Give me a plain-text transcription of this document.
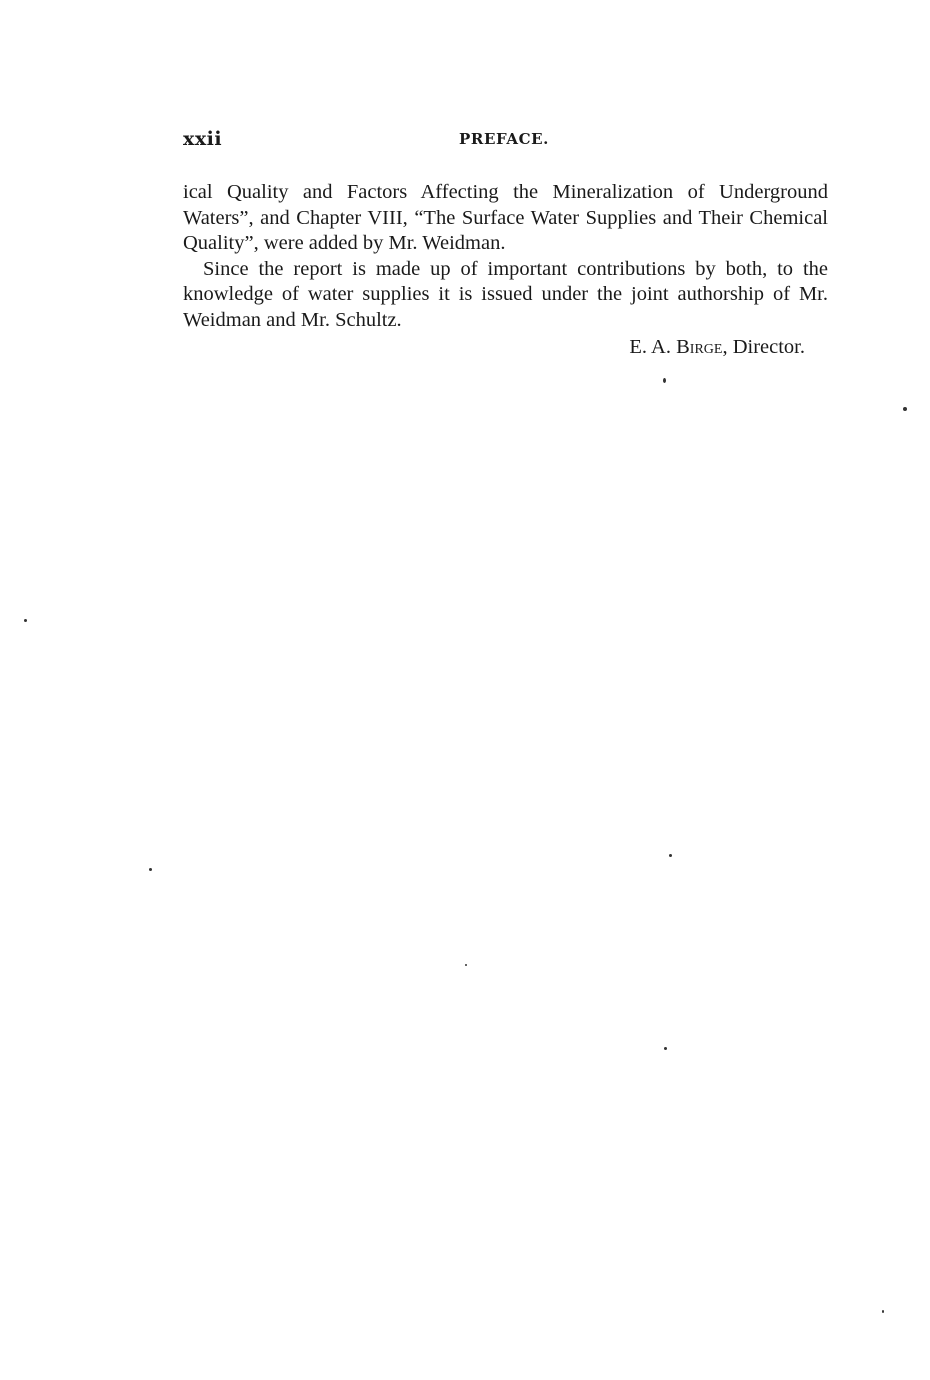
xxii	PREFACE.

ical Quality and Factors Affecting the Mineralization of Underground Waters”, and Chapter VIII, “The Surface Water Supplies and Their Chemical Quality”, were added by Mr. Weidman.

Since the report is made up of important contributions by both, to the knowledge of water supplies it is issued under the joint authorship of Mr. Weidman and Mr. Schultz.

E. A. Birge, Director.
